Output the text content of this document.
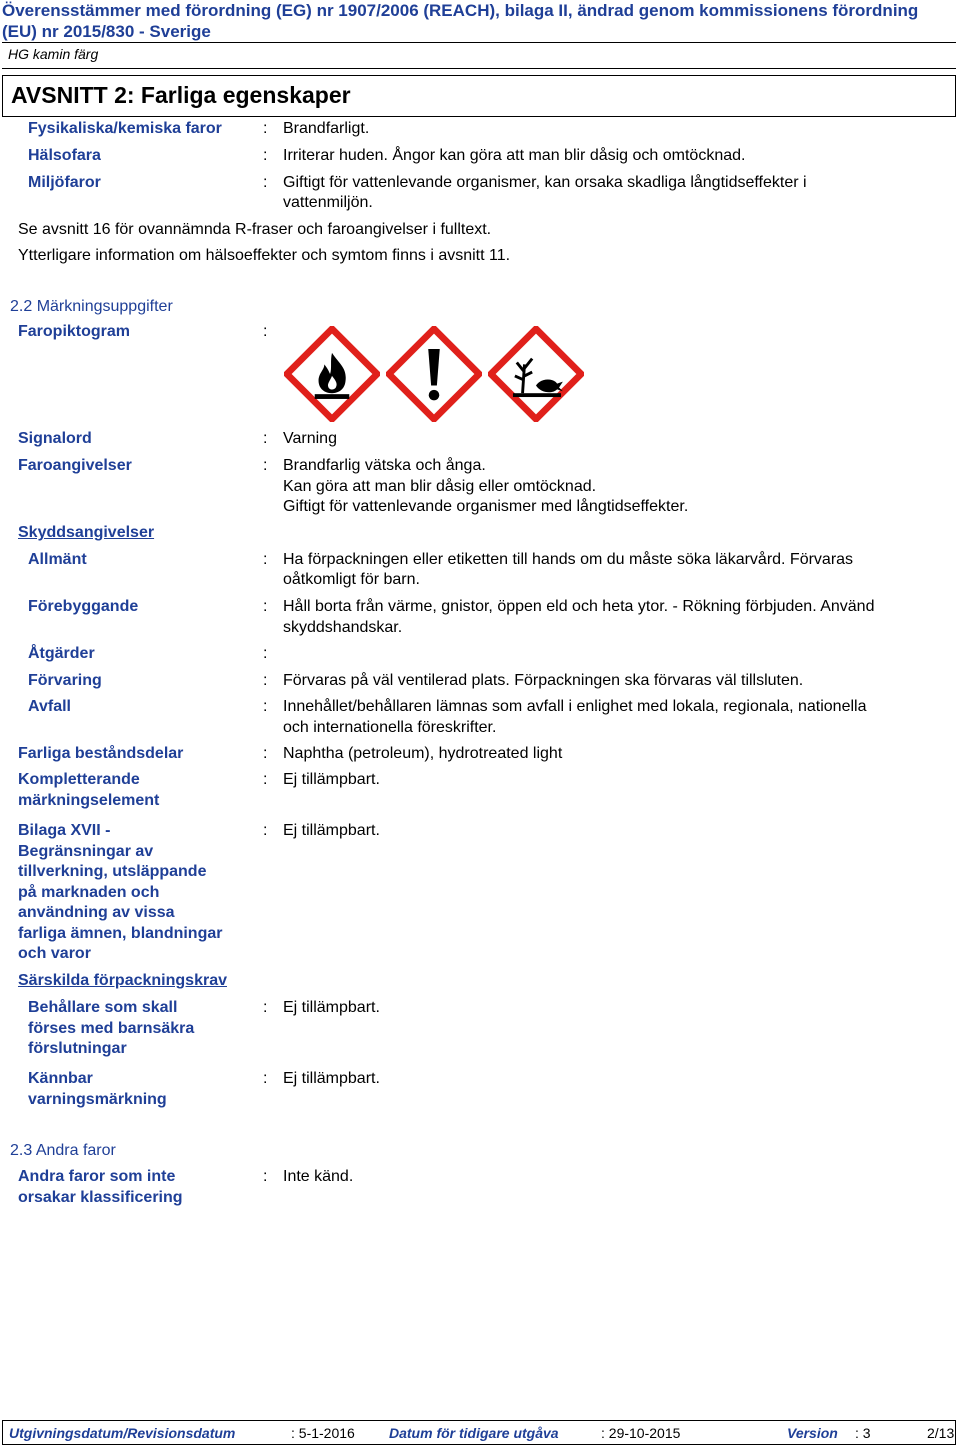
Överensstämmer med förordning (EG) nr 1907/2006 (REACH), bilaga II, ändrad genom kommissionens förordning
(EU) nr 2015/830 - Sverige
HG kamin färg
AVSNITT 2: Farliga egenskaper
Fysikaliska/kemiska faror	: Brandfarligt.
Hälsofara	: Irriterar huden. Ångor kan göra att man blir dåsig och omtöcknad.
Miljöfaror	: Giftigt för vattenlevande organismer, kan orsaka skadliga långtidseffekter i
vattenmiljön.
Se avsnitt 16 för ovannämnda R-fraser och faroangivelser i fulltext.
Ytterligare information om hälsoeffekter och symtom finns i avsnitt 11.
2.2 Märkningsuppgifter
Faropiktogram	:
Signalord	: Varning
Faroangivelser	: Brandfarlig vätska och ånga.
Kan göra att man blir dåsig eller omtöcknad.
Giftigt för vattenlevande organismer med långtidseffekter.
Skyddsangivelser
Allmänt	: Ha förpackningen eller etiketten till hands om du måste söka läkarvård. Förvaras
oåtkomligt för barn.
Förebyggande	: Håll borta från värme, gnistor, öppen eld och heta ytor. - Rökning förbjuden. Använd
skyddshandskar.
Åtgärder	:
Förvaring	: Förvaras på väl ventilerad plats. Förpackningen ska förvaras väl tillsluten.
Avfall	: Innehållet/behållaren lämnas som avfall i enlighet med lokala, regionala, nationella
och internationella föreskrifter.
Farliga beståndsdelar	: Naphtha (petroleum), hydrotreated light
Kompletterande
märkningselement
: Ej tillämpbart.
Bilaga XVII -
Begränsningar av
tillverkning, utsläppande
på marknaden och
användning av vissa
farliga ämnen, blandningar
och varor
: Ej tillämpbart.
Särskilda förpackningskrav
Behållare som skall
förses med barnsäkra
förslutningar
: Ej tillämpbart.
Kännbar
varningsmärkning
: Ej tillämpbart.
2.3 Andra faror
Andra faror som inte
orsakar klassificering
: Inte känd.
Utgivningsdatum/Revisionsdatum	: 5-1-2016 Datum för tidigare utgåva	: 29-10-2015	Version : 3	2/13
